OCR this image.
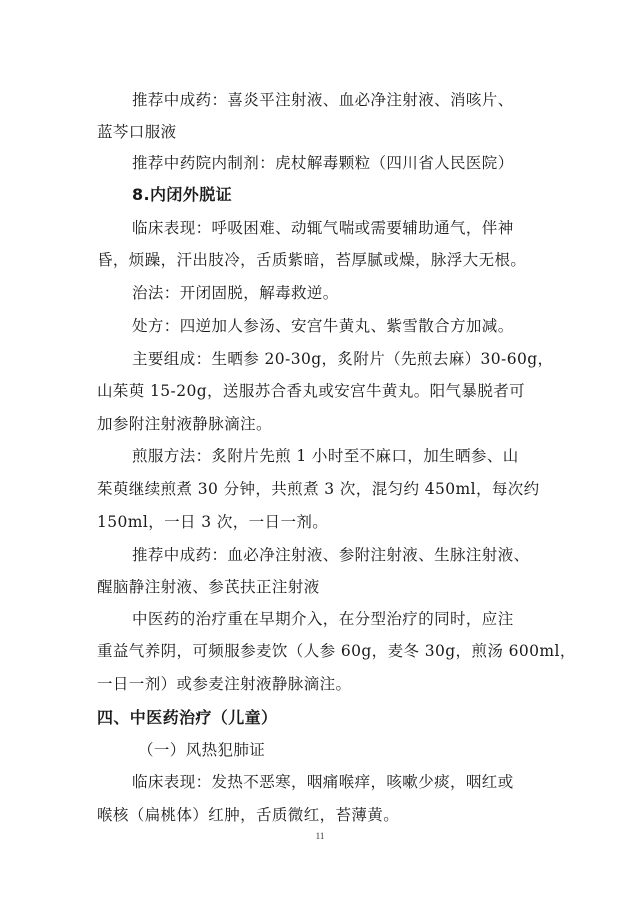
推荐中成药：喜炎平注射液、血必净注射液、消咳片、
蓝芩口服液
推荐中药院内制剂：虎杖解毒颗粒（四川省人民医院）
8.内闭外脱证
临床表现：呼吸困难、动辄气喘或需要辅助通气，伴神
昏，烦躁，汗出肢冷，舌质紫暗，苔厚腻或燥，脉浮大无根。
治法：开闭固脱，解毒救逆。
处方：四逆加人参汤、安宫牛黄丸、紫雪散合方加减。
主要组成：生晒参 20-30g，炙附片（先煎去麻）30-60g，
山茱萸 15-20g，送服苏合香丸或安宫牛黄丸。阳气暴脱者可
加参附注射液静脉滴注。
煎服方法：炙附片先煎 1 小时至不麻口，加生晒参、山
茱萸继续煎煮 30 分钟，共煎煮 3 次，混匀约 450ml，每次约
150ml，一日 3 次，一日一剂。
推荐中成药：血必净注射液、参附注射液、生脉注射液、
醒脑静注射液、参芪扶正注射液
中医药的治疗重在早期介入，在分型治疗的同时，应注
重益气养阴，可频服参麦饮（人参 60g，麦冬 30g，煎汤 600ml，
一日一剂）或参麦注射液静脉滴注。
四、中医药治疗（儿童）
（一）风热犯肺证
临床表现：发热不恶寒，咽痛喉痒，咳嗽少痰，咽红或
喉核（扁桃体）红肿，舌质微红，苔薄黄。
11
